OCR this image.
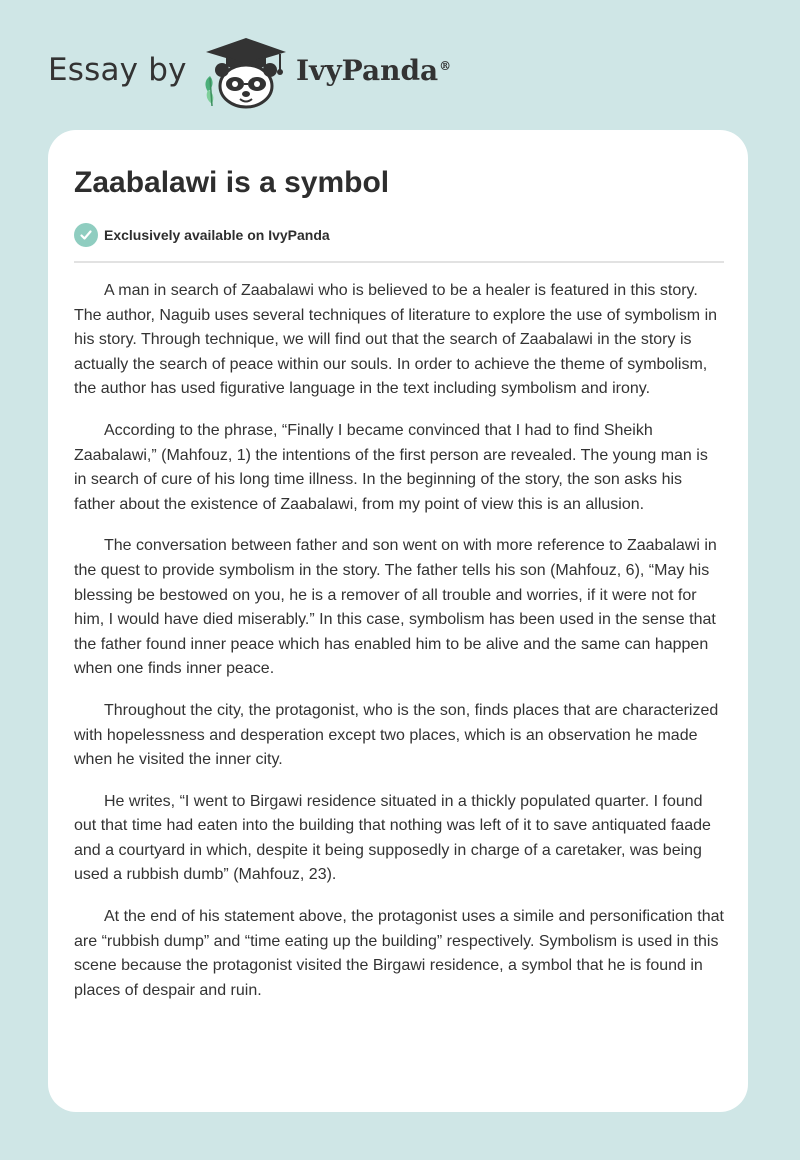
Essay by	IvyPanda®
Zaabalawi is a symbol
Exclusively available on IvyPanda

A man in search of Zaabalawi who is believed to be a healer is featured in this story. The author, Naguib uses several techniques of literature to explore the use of symbolism in his story. Through technique, we will find out that the search of Zaabalawi in the story is actually the search of peace within our souls. In order to achieve the theme of symbolism, the author has used figurative language in the text including symbolism and irony.

According to the phrase, “Finally I became convinced that I had to find Sheikh Zaabalawi,” (Mahfouz, 1) the intentions of the first person are revealed. The young man is in search of cure of his long time illness. In the beginning of the story, the son asks his father about the existence of Zaabalawi, from my point of view this is an allusion.

The conversation between father and son went on with more reference to Zaabalawi in the quest to provide symbolism in the story. The father tells his son (Mahfouz, 6), “May his blessing be bestowed on you, he is a remover of all trouble and worries, if it were not for him, I would have died miserably.” In this case, symbolism has been used in the sense that the father found inner peace which has enabled him to be alive and the same can happen when one finds inner peace.

Throughout the city, the protagonist, who is the son, finds places that are characterized with hopelessness and desperation except two places, which is an observation he made when he visited the inner city.

He writes, “I went to Birgawi residence situated in a thickly populated quarter. I found out that time had eaten into the building that nothing was left of it to save antiquated faade and a courtyard in which, despite it being supposedly in charge of a caretaker, was being used a rubbish dumb” (Mahfouz, 23).

At the end of his statement above, the protagonist uses a simile and personification that are “rubbish dump” and “time eating up the building” respectively. Symbolism is used in this scene because the protagonist visited the Birgawi residence, a symbol that he is found in places of despair and ruin.
